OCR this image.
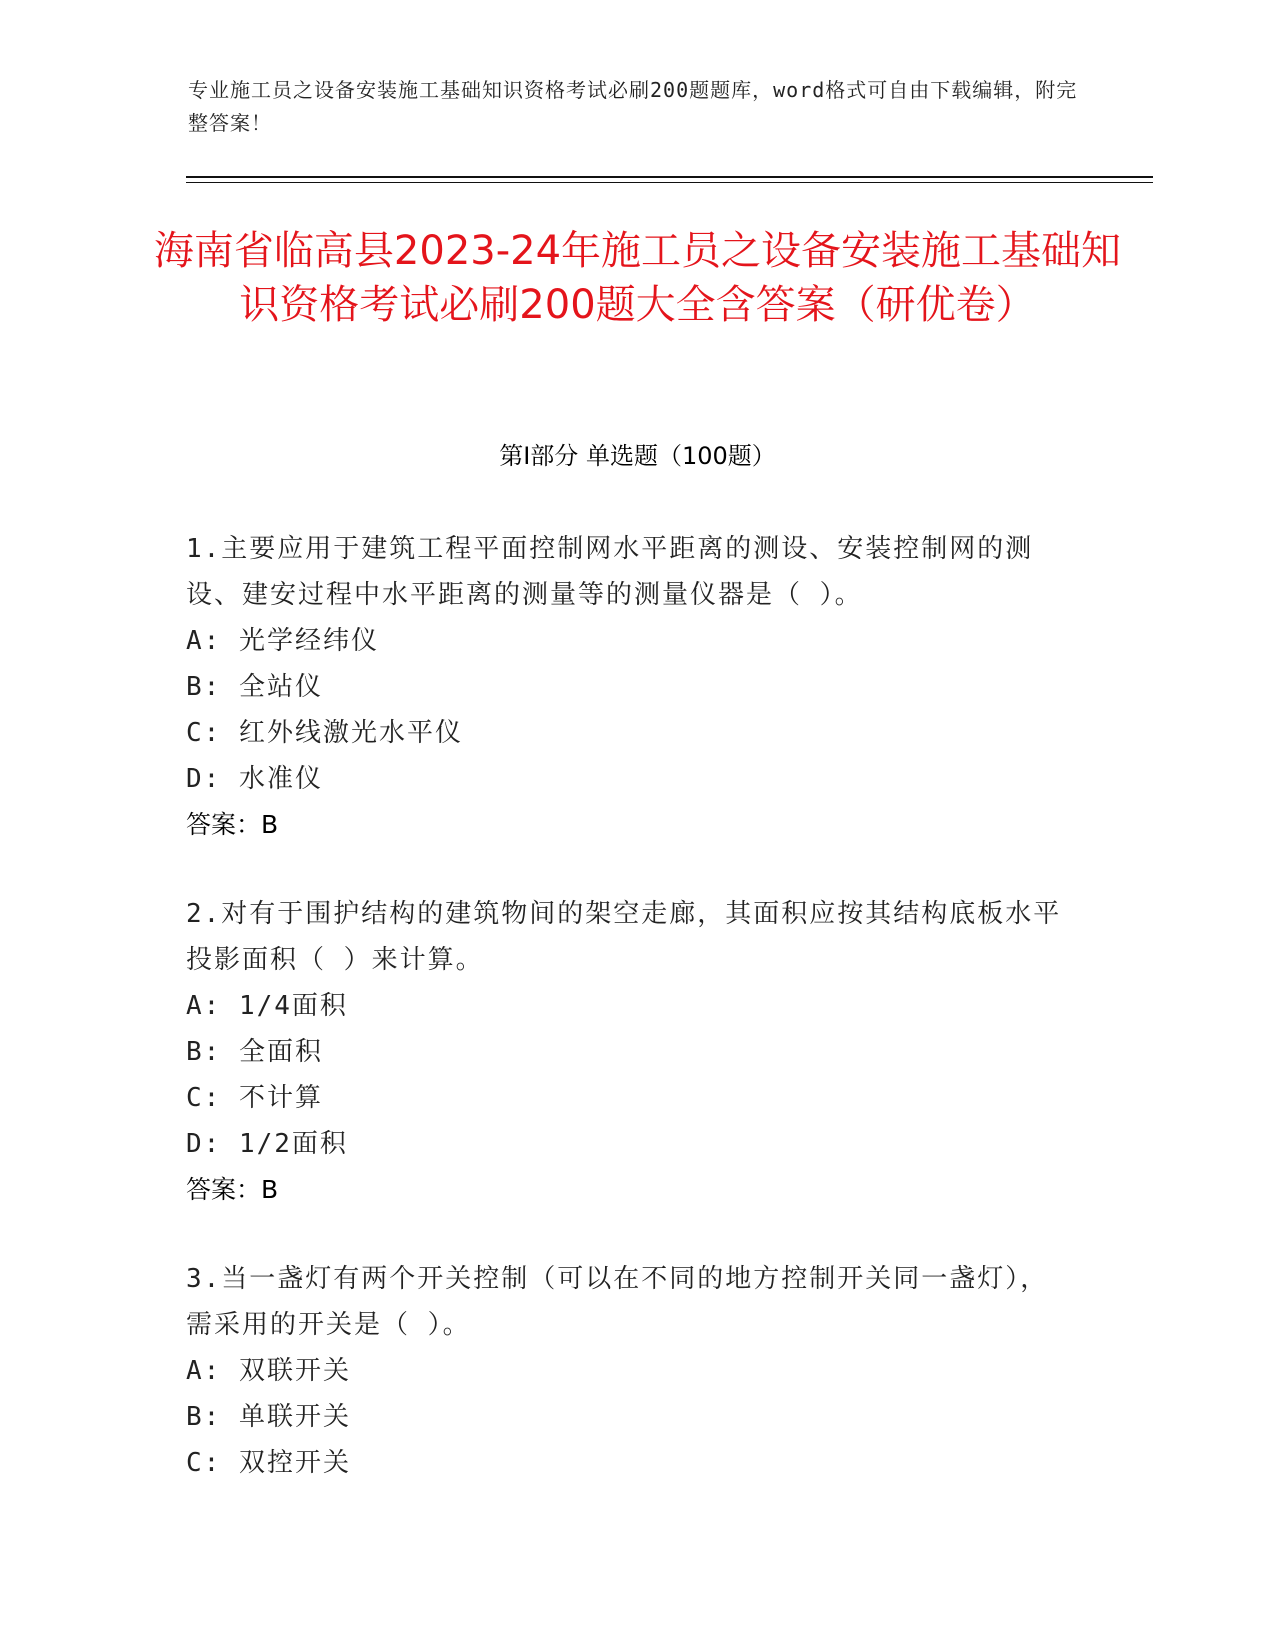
专业施工员之设备安装施工基础知识资格考试必刷200题题库，word格式可自由下载编辑，附完整答案！
海南省临高县2023-24年施工员之设备安装施工基础知识资格考试必刷200题大全含答案（研优卷）
第I部分 单选题（100题）
1.主要应用于建筑工程平面控制网水平距离的测设、安装控制网的测设、建安过程中水平距离的测量等的测量仪器是（ ）。
A: 光学经纬仪
B: 全站仪
C: 红外线激光水平仪
D: 水准仪
答案：B
2.对有于围护结构的建筑物间的架空走廊，其面积应按其结构底板水平投影面积（ ）来计算。
A: 1/4面积
B: 全面积
C: 不计算
D: 1/2面积
答案：B
3.当一盏灯有两个开关控制（可以在不同的地方控制开关同一盏灯），需采用的开关是（ ）。
A: 双联开关
B: 单联开关
C: 双控开关
